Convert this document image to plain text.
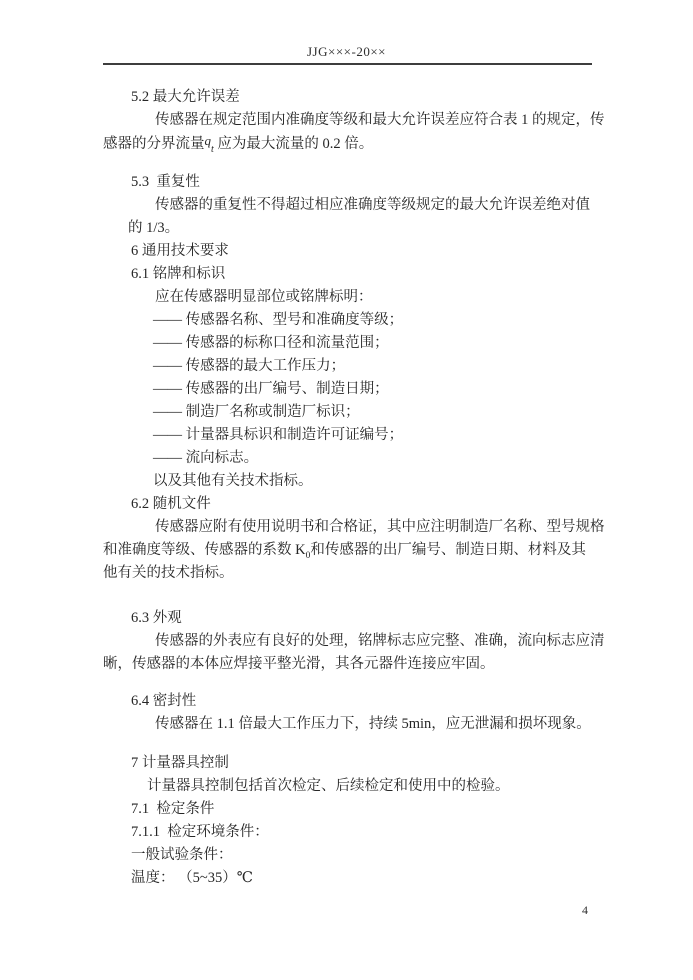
JJG×××-20××
5.2 最大允许误差
传感器在规定范围内准确度等级和最大允许误差应符合表 1 的规定，传
感器的分界流量$q_t$ 应为最大流量的 0.2 倍。
5.3  重复性
传感器的重复性不得超过相应准确度等级规定的最大允许误差绝对值
的 1/3。
6 通用技术要求
6.1 铭牌和标识
应在传感器明显部位或铭牌标明：
—— 传感器名称、型号和准确度等级；
—— 传感器的标称口径和流量范围；
—— 传感器的最大工作压力；
—— 传感器的出厂编号、制造日期；
—— 制造厂名称或制造厂标识；
—— 计量器具标识和制造许可证编号；
—— 流向标志。
以及其他有关技术指标。
6.2 随机文件
传感器应附有使用说明书和合格证，其中应注明制造厂名称、型号规格
和准确度等级、传感器的系数 $K_0$和传感器的出厂编号、制造日期、材料及其
他有关的技术指标。
6.3 外观
传感器的外表应有良好的处理，铭牌标志应完整、准确，流向标志应清
晰，传感器的本体应焊接平整光滑，其各元器件连接应牢固。
6.4 密封性
传感器在 1.1 倍最大工作压力下，持续 5min，应无泄漏和损坏现象。
7 计量器具控制
计量器具控制包括首次检定、后续检定和使用中的检验。
7.1  检定条件
7.1.1  检定环境条件：
一般试验条件：
温度： （5~35）℃
4
